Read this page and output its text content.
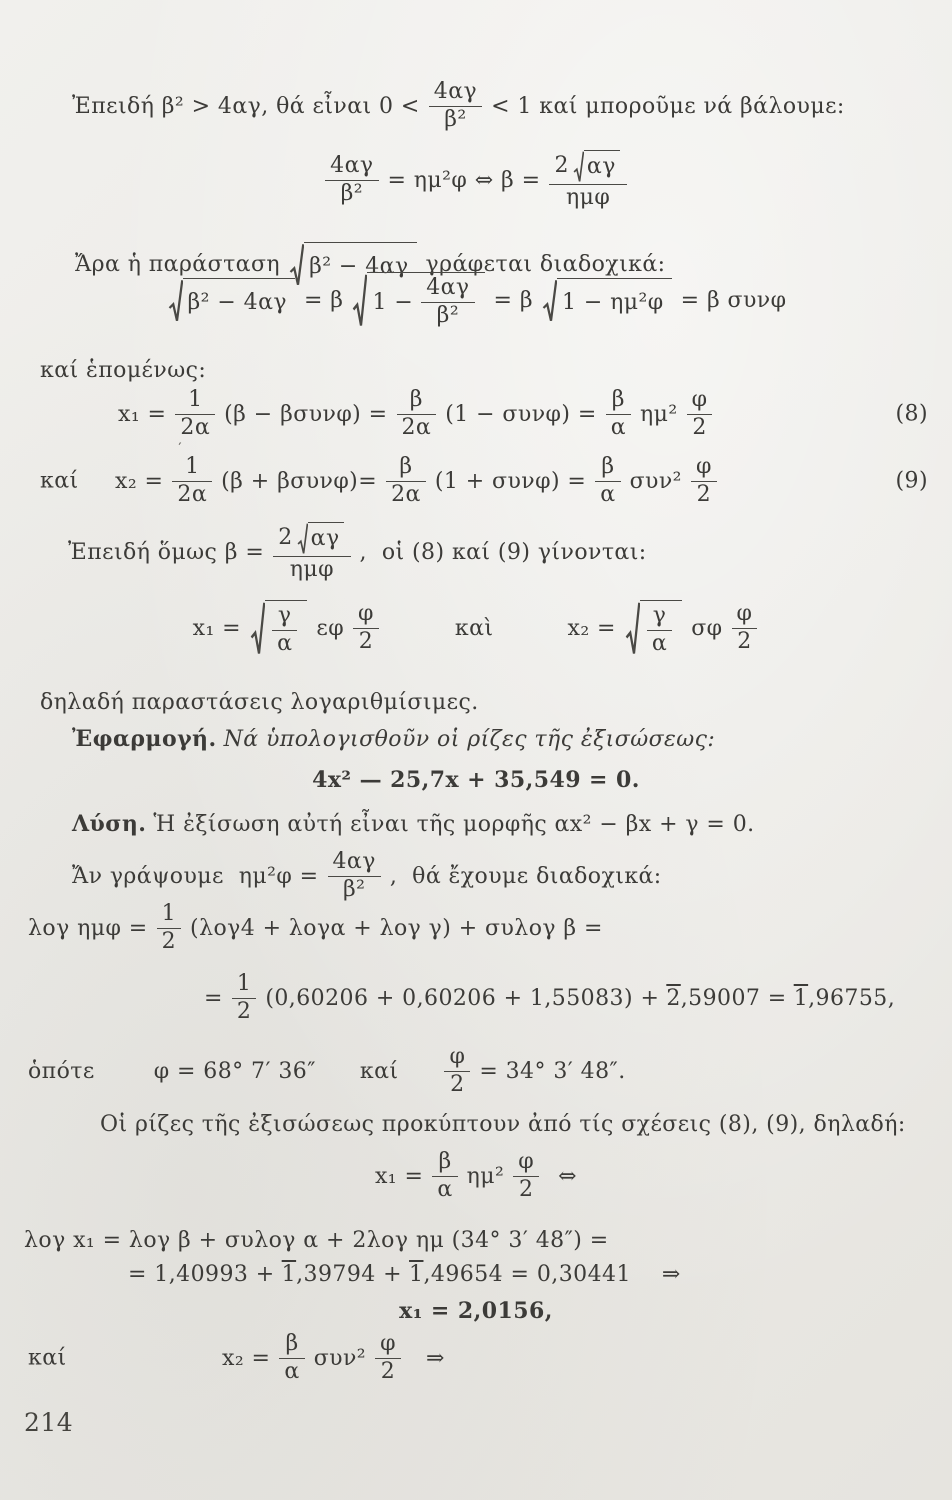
Ἐπειδή β² > 4αγ, θά εἶναι $0 < \frac{4\alpha\gamma}{\text{β²}} < 1$ καί μποροῦμε νά βάλουμε:
$\frac{4\alpha\gamma}{\text{β²}} = \eta\mu^2\varphi$ ⇔ $\beta = \frac{2 \alpha\gamma}{\text{ημφ}}$
Ἄρα ἡ παράσταση β² − 4αγ γράφεται διαδοχικά:
β² − 4αγ = β $1 - \frac{4\alpha\gamma}{\text{β²}} = \beta$ 1 − ημ²φ = β συνφ
καί ἑπομένως:
$x_1 = \frac{1}{2\alpha} (\beta - \beta\sigma\upsilon\nu\varphi) = \frac{\beta}{2\alpha} (1 - \sigma\upsilon\nu\varphi) = \frac{\beta}{\alpha} \eta\mu^2 \frac{\varphi}{2}$	(8)
καί x₂ =
′
1
2α
$(\beta + \beta\sigma\upsilon\nu\varphi)= \frac{\beta}{2\alpha} (1 + \sigma\upsilon\nu\varphi) = \frac{\beta}{\alpha} \sigma\upsilon\nu^2 \frac{\varphi}{2}$	(9)
Ἐπειδή ὅμως $\beta = \frac{2 \alpha\gamma}{\text{ημφ}}$ ,  οἱ (8) καί (9) γίνονται:
$x_1 = \frac{\gamma}{\alpha}$ εφ $\frac{\varphi}{2}$	καὶ	$x_2 = \frac{\gamma}{\alpha}$ σφ $\frac{\varphi}{2}$
δηλαδή παραστάσεις λογαριθμίσιμες.
Ἐφαρμογή. Νά ὑπολογισθοῦν οἱ ρίζες τῆς ἐξισώσεως:
4x² — 25,7x + 35,549 = 0.
Λύση. Ἡ ἐξίσωση αὐτή εἶναι τῆς μορφῆς αx² − βx + γ = 0.
Ἄν γράψουμε  $\eta\mu^2\varphi = \frac{4\alpha\gamma}{\text{β²}}$ ,  θά ἔχουμε διαδοχικά:
λογ $\eta\mu\varphi = \frac{1}{2} (\lambda o\gamma 4 + \lambda o\gamma\alpha + \lambda o\gamma$ γ) + συλογ β =
= $\frac{1}{2} (0,60206 + 0,60206 + 1,55083) + 2,59007 = 1,96755$,
ὁπότε	φ = 68° 7′ 36″ καί $\frac{\varphi}{2} = 34^\circ$ 3′ 48″.
Οἱ ρίζες τῆς ἐξισώσεως προκύπτουν ἀπό τίς σχέσεις (8), (9), δηλαδή:
$x_1 = \frac{\beta}{\alpha} \eta\mu^2 \frac{\varphi}{2}$ ⇔
λογ x₁ = λογ β + συλογ α + 2λογ ημ (34° 3′ 48″) =
= 1,40993 + 1,39794 + 1,49654 = 0,30441 ⇒
x₁ = 2,0156,
καί	$x_2 = \frac{\beta}{\alpha} \sigma\upsilon\nu^2 \frac{\varphi}{2}$ ⇒
214
